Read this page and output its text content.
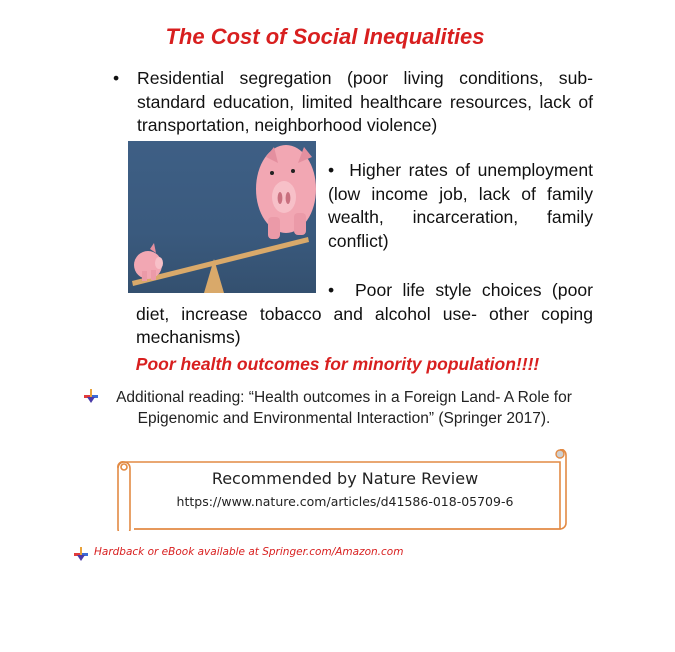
The Cost of Social Inequalities
• Residential segregation (poor living conditions, sub-standard education, limited healthcare resources, lack of transportation, neighborhood violence)
• Higher rates of unemployment (low income job, lack of family wealth, incarceration, family conflict)
• Poor life style choices (poor diet, increase tobacco and alcohol use- other coping mechanisms)
Poor health outcomes for minority population!!!!
Additional reading: “Health outcomes in a Foreign Land- A Role for Epigenomic and Environmental Interaction” (Springer 2017).
Recommended by Nature Review
https://www.nature.com/articles/d41586-018-05709-6
Hardback or eBook available at Springer.com/Amazon.com
